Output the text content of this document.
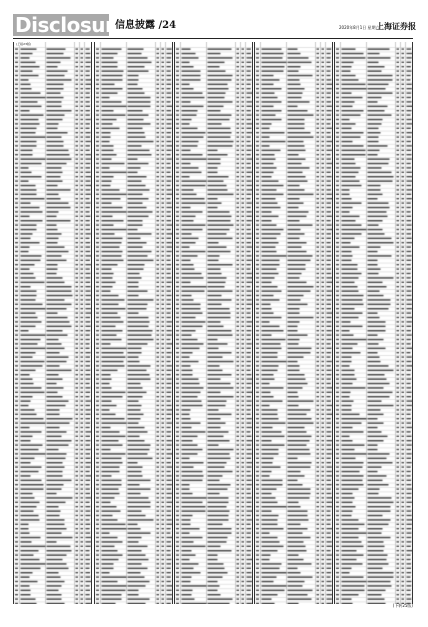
Disclosure
信息披露 /24	2020年8月1日 星期六
上海证券报
(上接23版)
(下转25版)
